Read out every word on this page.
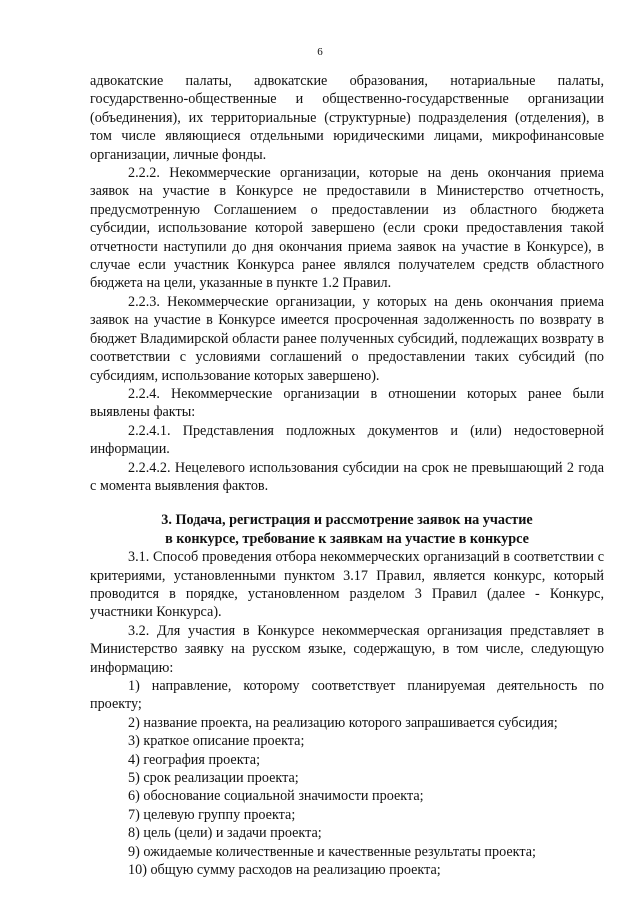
6

адвокатские палаты, адвокатские образования, нотариальные палаты, государственно-общественные и общественно-государственные организации (объединения), их территориальные (структурные) подразделения (отделения), в том числе являющиеся отдельными юридическими лицами, микрофинансовые организации, личные фонды.

2.2.2. Некоммерческие организации, которые на день окончания приема заявок на участие в Конкурсе не предоставили в Министерство отчетность, предусмотренную Соглашением о предоставлении из областного бюджета субсидии, использование которой завершено (если сроки предоставления такой отчетности наступили до дня окончания приема заявок на участие в Конкурсе), в случае если участник Конкурса ранее являлся получателем средств областного бюджета на цели, указанные в пункте 1.2 Правил.

2.2.3. Некоммерческие организации, у которых на день окончания приема заявок на участие в Конкурсе имеется просроченная задолженность по возврату в бюджет Владимирской области ранее полученных субсидий, подлежащих возврату в соответствии с условиями соглашений о предоставлении таких субсидий (по субсидиям, использование которых завершено).

2.2.4. Некоммерческие организации в отношении которых ранее были выявлены факты:

2.2.4.1. Представления подложных документов и (или) недостоверной информации.

2.2.4.2. Нецелевого использования субсидии на срок не превышающий 2 года с момента выявления фактов.

3. Подача, регистрация и рассмотрение заявок на участие
в конкурсе, требование к заявкам на участие в конкурсе

3.1. Способ проведения отбора некоммерческих организаций в соответствии с критериями, установленными пунктом 3.17 Правил, является конкурс, который проводится в порядке, установленном разделом 3 Правил (далее - Конкурс, участники Конкурса).

3.2. Для участия в Конкурсе некоммерческая организация представляет в Министерство заявку на русском языке, содержащую, в том числе, следующую информацию:

1) направление, которому соответствует планируемая деятельность по проекту;

2) название проекта, на реализацию которого запрашивается субсидия;

3) краткое описание проекта;

4) география проекта;

5) срок реализации проекта;

6) обоснование социальной значимости проекта;

7) целевую группу проекта;

8) цель (цели) и задачи проекта;

9) ожидаемые количественные и качественные результаты проекта;

10) общую сумму расходов на реализацию проекта;
